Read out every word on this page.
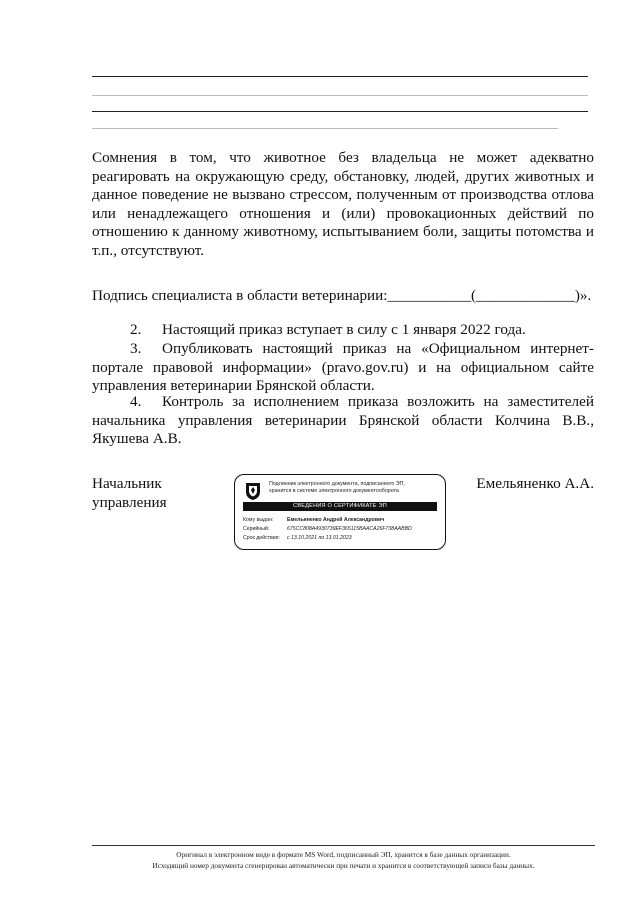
Сомнения в том, что животное без владельца не может адекватно реагировать на окружающую среду, обстановку, людей, других животных и данное поведение не вызвано стрессом, полученным от производства отлова или ненадлежащего отношения и (или) провокационных действий по отношению к данному животному, испытыванием боли, защиты потомства и т.п., отсутствуют.
Подпись специалиста в области ветеринарии:___________(_____________)».
2. Настоящий приказ вступает в силу с 1 января 2022 года.
3. Опубликовать настоящий приказ на «Официальном интернет-портале правовой информации» (pravo.gov.ru) и на официальном сайте управления ветеринарии Брянской области.
4. Контроль за исполнением приказа возложить на заместителей начальника управления ветеринарии Брянской области Колчина В.В., Якушева А.В.
Начальник
управления
Емельяненко А.А.
Подлинник электронного документа, подписанного ЭП,
хранится в системе электронного документооборота
СВЕДЕНИЯ О СЕРТИФИКАТЕ ЭП
Кому выдан:	Емельяненко Андрей Александрович
Серийный:	675CC808A4930739EF365115BAACA26F738AABBD
Срок действия: с 13.10.2021 по 13.01.2023
Оригинал в электронном виде в формате MS Word, подписанный ЭП, хранится в базе данных организации.
Исходящий номер документа сгенерирован автоматически при печати и хранится в соответствующей записи базы данных.
